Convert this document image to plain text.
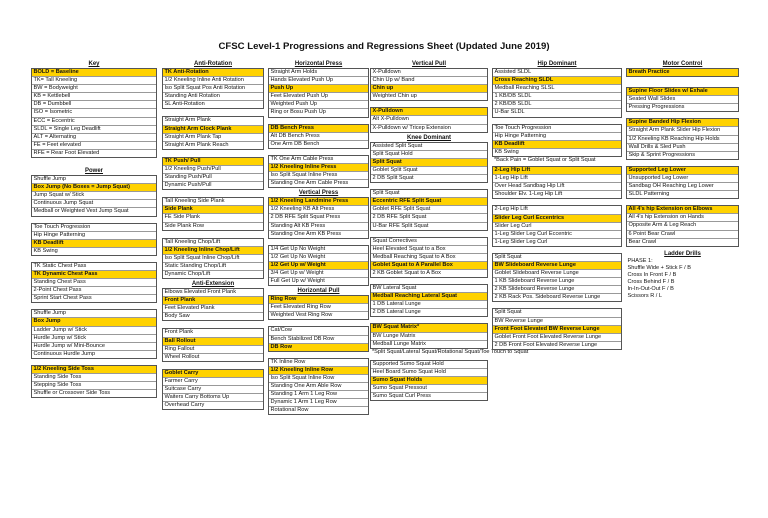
CFSC Level-1 Progressions and Regressions Sheet (Updated June 2019)
Key
BOLD = Baseline
TK= Tall Kneeling
BW = Bodyweight
KB = Kettlebell
DB = Dumbbell
ISO = Isometric
ECC = Eccentric
SLDL = Single Leg Deadlift
ALT = Alternating
FE = Feet elevated
RFE = Rear Foot Elevated
Power
Shuffle Jump
Box Jump (No Boxes = Jump Squat)
Jump Squat w/ Stick
Continuous Jump Squat
Medball or Weighted Vest Jump Squat
Toe Touch Progression
Hip Hinge Patterning
KB Deadlift
KB Swing
TK Static Chest Pass
TK Dynamic Chest Pass
Standing Chest Pass
2-Point Chest Pass
Sprint Start Chest Pass
Shuffle Jump
Box Jump
Ladder Jump w/ Stick
Hurdle Jump w/ Stick
Hurdle Jump w/ Mini-Bounce
Continuous Hurdle Jump
1/2 Kneeling Side Toss
Standing Side Toss
Stepping Side Toss
Shuffle or Crossover Side Toss
Anti-Rotation
TK Anti-Rotation
1/2 Kneeling Inline Anti Rotation
Iso Split Squat Pos Anti Rotation
Standing Anti Rotation
SL Anti-Rotation
Straight Arm Plank
Straight Arm Clock Plank
Straight Arm Plank Tap
Straight Arm Plank Reach
TK Push/ Pull
1/2 Kneeling Push/Pull
Standing Push/Pull
Dynamic Push/Pull
Tall Kneeling Side Plank
Side Plank
FE Side Plank
Side Plank Row
Tall Kneeling Chop/Lift
1/2 Kneeling Inline Chop/Lift
Iso Split Squat Inline Chop/Lift
Static Standing Chop/Lift
Dynamic Chop/Lift
Anti-Extension
Elbows Elevated Front Plank
Front Plank
Feet Elevated Plank
Body Saw
Front Plank
Ball Rollout
Ring Fallout
Wheel Rollout
Goblet Carry
Farmer Carry
Suitcase Carry
Waiters Carry Bottoms Up
Overhead Carry
Horizontal Press
Straight Arm Holds
Hands Elevated Push Up
Push Up
Feet Elevated Push Up
Weighted Push Up
Ring or Bosu Push Up
DB Bench Press
Alt DB Bench Press
One Arm DB Bench
TK One Arm Cable Press
1/2 Kneeling Inline Press
Iso Split Squat Inline Press
Standing One Arm Cable Press
Vertical Press
1/2 Kneeling Landmine Press
1/2 Kneeling KB Alt Press
2 DB RFE Split Squat Press
Standing Alt KB Press
Standing One Arm KB Press
1/4 Get Up No Weight
1/2 Get Up No Weight
1/2 Get Up w/ Weight
3/4 Get Up w/ Weight
Full Get Up w/ Weight
Horizontal Pull
Ring Row
Feet Elevated Ring Row
Weighted Vest Ring Row
Cat/Cow
Bench Stabilized DB Row
DB Row
TK Inline Row
1/2 Kneeling Inline Row
Iso Split Squat Inline Row
Standing One Arm Able Row
Standing 1 Arm 1 Leg Row
Dynamic 1 Arm 1 Leg Row
Rotational Row
Vertical Pull
X-Pulldown
Chin Up w/ Band
Chin up
Weighted Chin up
X-Pulldown
Alt X-Pulldown
X-Pulldown w/ Tricep Extension
Knee Dominant
Assisted Split Squat
Split Squat Hold
Split Squat
Goblet Split Squat
2 DB Split Squat
Split Squat
Eccentric RFE Split Squat
Goblet RFE Split Squat
2 DB RFE Split Squat
U-Bar RFE Split Squat
Squat Correctives
Heel Elevated Squat to a Box
Medball Reaching Squat to A Box
Goblet Squat to A Parallel Box
2 KB Goblet Squat to A Box
BW Lateral Squat
Medball Reaching Lateral Squat
1 DB Lateral Lunge
2 DB Lateral Lunge
BW Squat Matrix*
BW Lunge Matrix
Medball Lunge Matrix
*Split Squat/Lateral Squat/Rotational Squat/Toe Touch to Squat
Supported Sumo Squat Hold
Heel Board Sumo Squat Hold
Sumo Squat Holds
Sumo Squat Pressout
Sumo Squat Curl Press
Hip Dominant
Assisted SLDL
Cross Reaching SLDL
Medball Reaching SLSL
1 KB/DB SLDL
2 KB/DB SLDL
U-Bar SLDL
Toe Touch Progression
Hip Hinge Patterning
KB Deadlift
KB Swing
*Back Pain = Goblet Squat or Split Squat
2-Leg Hip Lift
1-Leg Hip Lift
Over Head Sandbag Hip Lift
Shoulder Elv. 1-Leg Hip Lift
2-Leg Hip Lift
Slider Leg Curl Eccentrics
Slider Leg Curl
1-Leg Slider Leg Curl Eccentric
1-Leg Slider Leg Curl
Split Squat
BW Slideboard Reverse Lunge
Goblet Slideboard Reverse Lunge
1 KB Slideboard Reverse Lunge
2 KB Slideboard Reverse Lunge
2 KB Rack Pos. Sideboard Reverse Lunge
Split Squat
BW Reverse Lunge
Front Foot Elevated BW Reverse Lunge
Goblet Front Foot Elevated Reverse Lunge
2 DB Front Foot Elevated Reverse Lunge
Motor Control
Breath Practice
Supine Floor Slides w/ Exhale
Seated Wall Slides
Pressing Progressions
Supine Banded Hip Flexion
Straight Arm Plank Slider Hip Flexion
1/2 Kneeling KB Reaching Hip Holds
Wall Drills & Sled Push
Skip & Sprint Progressions
Supported Leg Lower
Unsupported Leg Lower
Sandbag OH Reaching Leg Lower
SLDL Patterning
All 4's hip Extension on Elbows
All 4's hip Extension on Hands
Opposite Arm & Leg Reach
6 Point Bear Crawl
Bear Crawl
Ladder Drills
PHASE 1:
Shuffle Wide + Stick F / B
Cross In Front F / B
Cross Behind F / B
In-In-Out-Out F / B
Scissors R / L
